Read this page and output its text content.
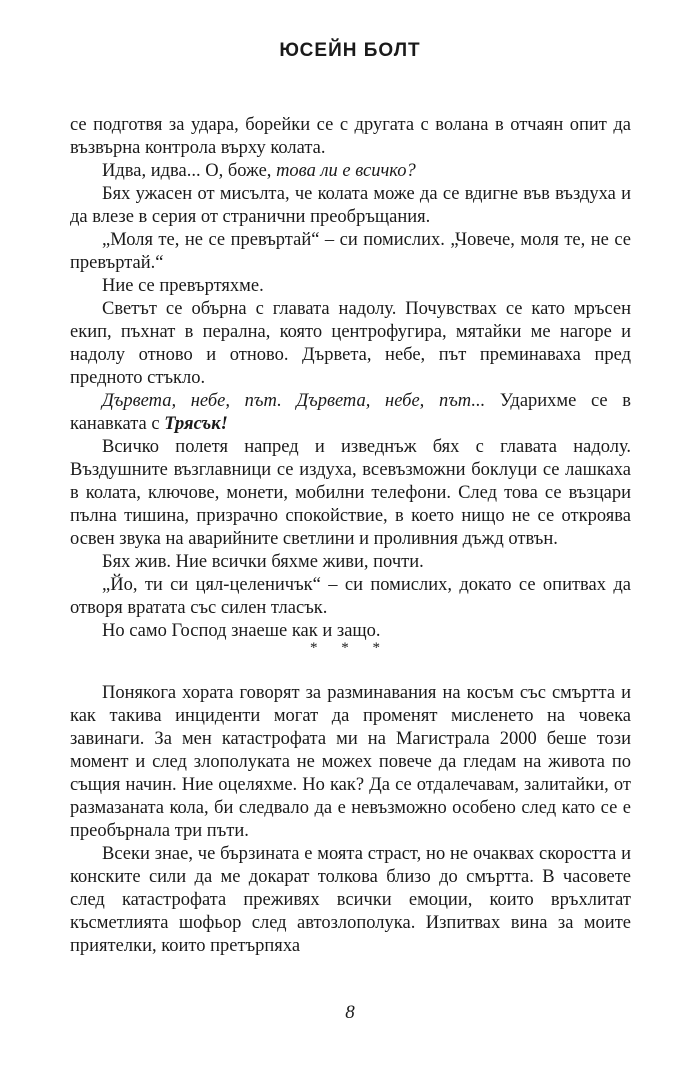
ЮСЕЙН БОЛТ

се подготвя за удара, борейки се с другата с волана в отчаян опит да възвърна контрола върху колата.

Идва, идва... О, боже, това ли е всичко?

Бях ужасен от мисълта, че колата може да се вдигне във въздуха и да влезе в серия от странични преобръщания.

„Моля те, не се превъртай“ – си помислих. „Човече, моля те, не се превъртай.“

Ние се превъртяхме.

Светът се обърна с главата надолу. Почувствах се като мръсен екип, пъхнат в перална, която центрофугира, мятайки ме нагоре и надолу отново и отново. Дървета, небе, път преминаваха пред предното стъкло.

Дървета, небе, път. Дървета, небе, път... Ударихме се в канавката с Трясък!

Всичко полетя напред и изведнъж бях с главата надолу. Въздушните възглавници се издуха, всевъзможни боклуци се лашкаха в колата, ключове, монети, мобилни телефони. След това се възцари пълна тишина, призрачно спокойствие, в което нищо не се откроява освен звука на аварийните светлини и проливния дъжд отвън.

Бях жив. Ние всички бяхме живи, почти.

„Йо, ти си цял-целеничък“ – си помислих, докато се опитвах да отворя вратата със силен тласък.

Но само Господ знаеше как и защо.

* * *

Понякога хората говорят за разминавания на косъм със смъртта и как такива инциденти могат да променят мисленето на човека завинаги. За мен катастрофата ми на Магистрала 2000 беше този момент и след злополуката не можех повече да гледам на живота по същия начин. Ние оцеляхме. Но как? Да се отдалечавам, залитайки, от размазаната кола, би следвало да е невъзможно особено след като се е преобърнала три пъти.

Всеки знае, че бързината е моята страст, но не очаквах скоростта и конските сили да ме докарат толкова близо до смъртта. В часовете след катастрофата преживях всички емоции, които връхлитат късметлията шофьор след автозлополука. Изпитвах вина за моите приятелки, които претърпяха

8
